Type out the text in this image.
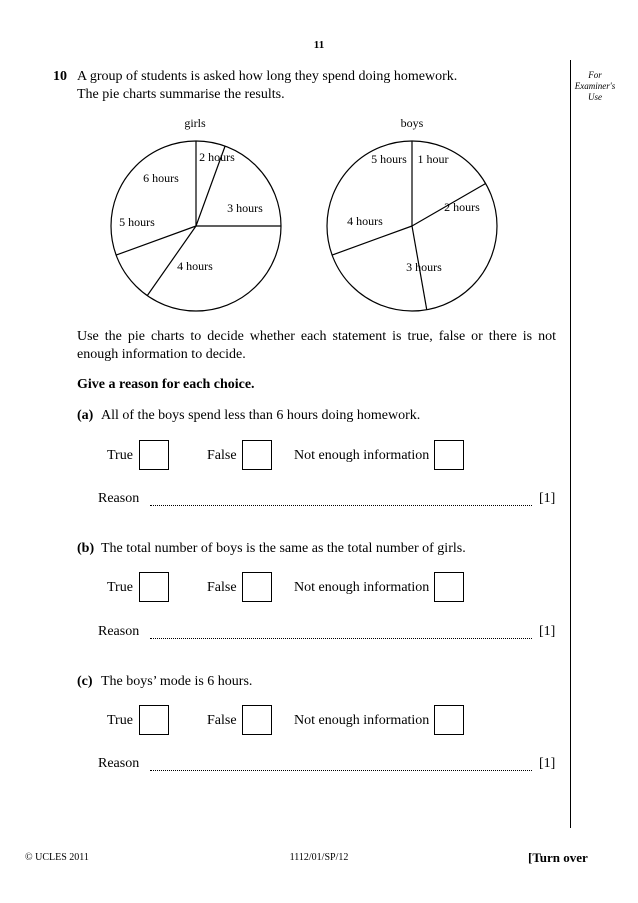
11
10 A group of students is asked how long they spend doing homework.
The pie charts summarise the results.
For
Examiner's
Use
girls	boys
2 hours
3 hours
4 hours
5 hours
6 hours
1 hour
2 hours
3 hours
4 hours
5 hours
Use the pie charts to decide whether each statement is true, false or there is not
enough information to decide.
Give a reason for each choice.
(a) All of the boys spend less than 6 hours doing homework.
True	False	Not enough information
Reason	[1]
(b) The total number of boys is the same as the total number of girls.
True	False	Not enough information
Reason	[1]
(c) The boys’ mode is 6 hours.
True	False	Not enough information
Reason	[1]
© UCLES 2011	1112/01/SP/12	[Turn over
